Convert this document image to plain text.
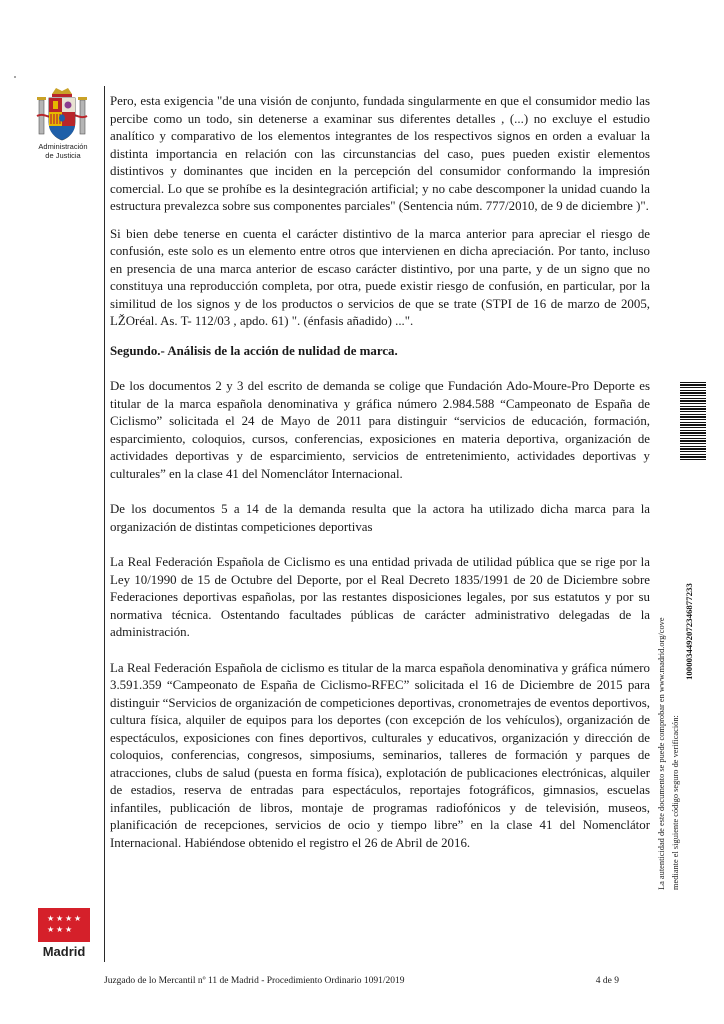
Administración
de Justicia

Pero, esta exigencia "de una visión de conjunto, fundada singularmente en que el consumidor medio las percibe como un todo, sin detenerse a examinar sus diferentes detalles , (...) no excluye el estudio analítico y comparativo de los elementos integrantes de los respectivos signos en orden a evaluar la distinta importancia en relación con las circunstancias del caso, pues pueden existir elementos distintivos y dominantes que inciden en la percepción del consumidor conformando la impresión comercial. Lo que se prohíbe es la desintegración artificial; y no cabe descomponer la unidad cuando la estructura prevalezca sobre sus componentes parciales" (Sentencia núm. 777/2010, de 9 de diciembre )".

Si bien debe tenerse en cuenta el carácter distintivo de la marca anterior para apreciar el riesgo de confusión, este solo es un elemento entre otros que intervienen en dicha apreciación. Por tanto, incluso en presencia de una marca anterior de escaso carácter distintivo, por una parte, y de un signo que no constituya una reproducción completa, por otra, puede existir riesgo de confusión, en particular, por la similitud de los signos y de los productos o servicios de que se trate (STPI de 16 de marzo de 2005, LŽOréal. As. T- 112/03 , apdo. 61) ". (énfasis añadido) ...".

Segundo.- Análisis de la acción de nulidad de marca.

De los documentos 2 y 3 del escrito de demanda se colige que Fundación Ado-Moure-Pro Deporte es titular de la marca española denominativa y gráfica número 2.984.588 “Campeonato de España de Ciclismo” solicitada el 24 de Mayo de 2011 para distinguir “servicios de educación, formación, esparcimiento, coloquios, cursos, conferencias, exposiciones en materia deportiva, organización de actividades deportivas y de esparcimiento, servicios de entretenimiento, actividades deportivas y culturales” en la clase 41 del Nomenclátor Internacional.

De los documentos 5 a 14 de la demanda resulta que la actora ha utilizado dicha marca para la organización de distintas competiciones deportivas

La Real Federación Española de Ciclismo es una entidad privada de utilidad pública que se rige por la Ley 10/1990 de 15 de Octubre del Deporte, por el Real Decreto 1835/1991 de 20 de Diciembre sobre Federaciones deportivas españolas, por las restantes disposiciones legales, por sus estatutos y por su normativa técnica. Ostentando facultades públicas de carácter administrativo delegadas de la administración.

La Real Federación Española de ciclismo es titular de la marca española denominativa y gráfica número 3.591.359 “Campeonato de España de Ciclismo-RFEC” solicitada el 16 de Diciembre de 2015 para distinguir “Servicios de organización de competiciones deportivas, cronometrajes de eventos deportivos, cultura física, alquiler de equipos para los deportes (con excepción de los vehículos), organización de espectáculos, exposiciones con fines deportivos, culturales y educativos, organización y dirección de coloquios, conferencias, congresos, simposiums, seminarios, talleres de formación y parques de atracciones, clubs de salud (puesta en forma física), explotación de publicaciones electrónicas, alquiler de estadios, reserva de entradas para espectáculos, reportajes fotográficos, gimnasios, escuelas infantiles, publicación de libros, montaje de programas radiofónicos y de televisión, museos, planificación de recepciones, servicios de ocio y tiempo libre” en la clase 41 del Nomenclátor Internacional. Habiéndose obtenido el registro el 26 de Abril de 2016.

★ ★ ★ ★
★ ★ ★
Madrid
Juzgado de lo Mercantil nº 11 de Madrid - Procedimiento Ordinario 1091/2019	4 de 9
La autenticidad de este documento se puede comprobar en www.madrid.org/cove mediante el siguiente código seguro de verificación:
1000034492072346877233
